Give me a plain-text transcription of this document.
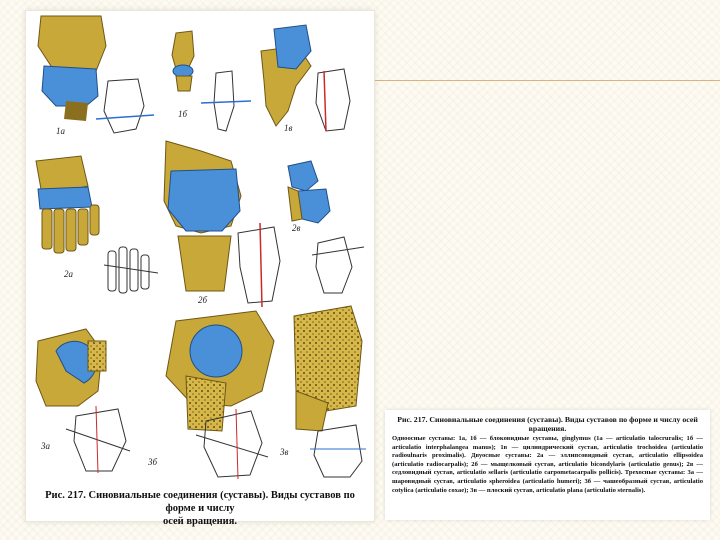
1а
1б
1в
2а
2в
2б
3а
3б
3в
Рис. 217. Синовиальные соединения (суставы). Виды суставов по форме и числу
осей вращения.
Рис. 217. Синовиальные соединения (суставы). Виды суставов по форме и числу осей вращения.
Одноосные суставы: 1а, 1б — блоковидные суставы, ginglymus (1а — articulatio talocruralis; 1б — articulatio interphalangea manus); 1в — цилиндрический сустав, articulatio trochoidea (articulatio radioulnaris proximalis). Двуосные суставы: 2а — эллипсовидный сустав, articulatio ellipsoidea (articulatio radiocarpalis); 2б — мыщелковый сустав, articulatio bicondylaris (articulatio genus); 2в — седловидный сустав, articulatio sellaris (articulatio carpometacarpalis pollicis). Трехосные суставы: 3а — шаровидный сустав, articulatio spheroidea (articulatio humeri); 3б — чашеобразный сустав, articulatio cotylica (articulatio coxae); 3в — плоский сустав, articulatio plana (articulatio sternalis).
